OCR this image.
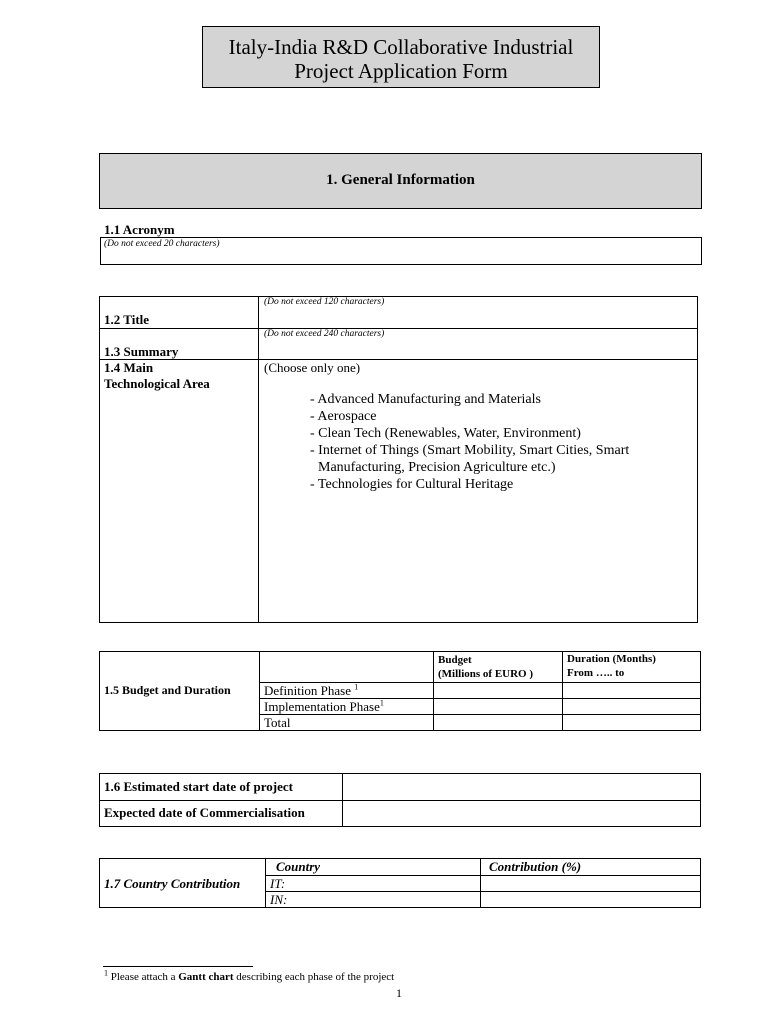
Italy-India R&D Collaborative Industrial
Project Application Form
1. General Information
1.1 Acronym
(Do not exceed 20 characters)
1.2 Title
(Do not exceed 120 characters)
1.3 Summary
(Do not exceed 240 characters)
1.4 Main
Technological Area
(Choose only one)
- Advanced Manufacturing and Materials
- Aerospace
- Clean Tech (Renewables, Water, Environment)
- Internet of Things (Smart Mobility, Smart Cities, Smart Manufacturing, Precision Agriculture etc.)
- Technologies for Cultural Heritage
1.5 Budget and Duration
Budget
(Millions of EURO )
Duration (Months)
From ….. to
Definition Phase $^1$
Implementation Phase$^1$
Total
1.6 Estimated start date of project
Expected date of Commercialisation
1.7 Country Contribution
Country	Contribution (%)
IT:
IN:
$^1$ Please attach a Gantt chart describing each phase of the project
1
